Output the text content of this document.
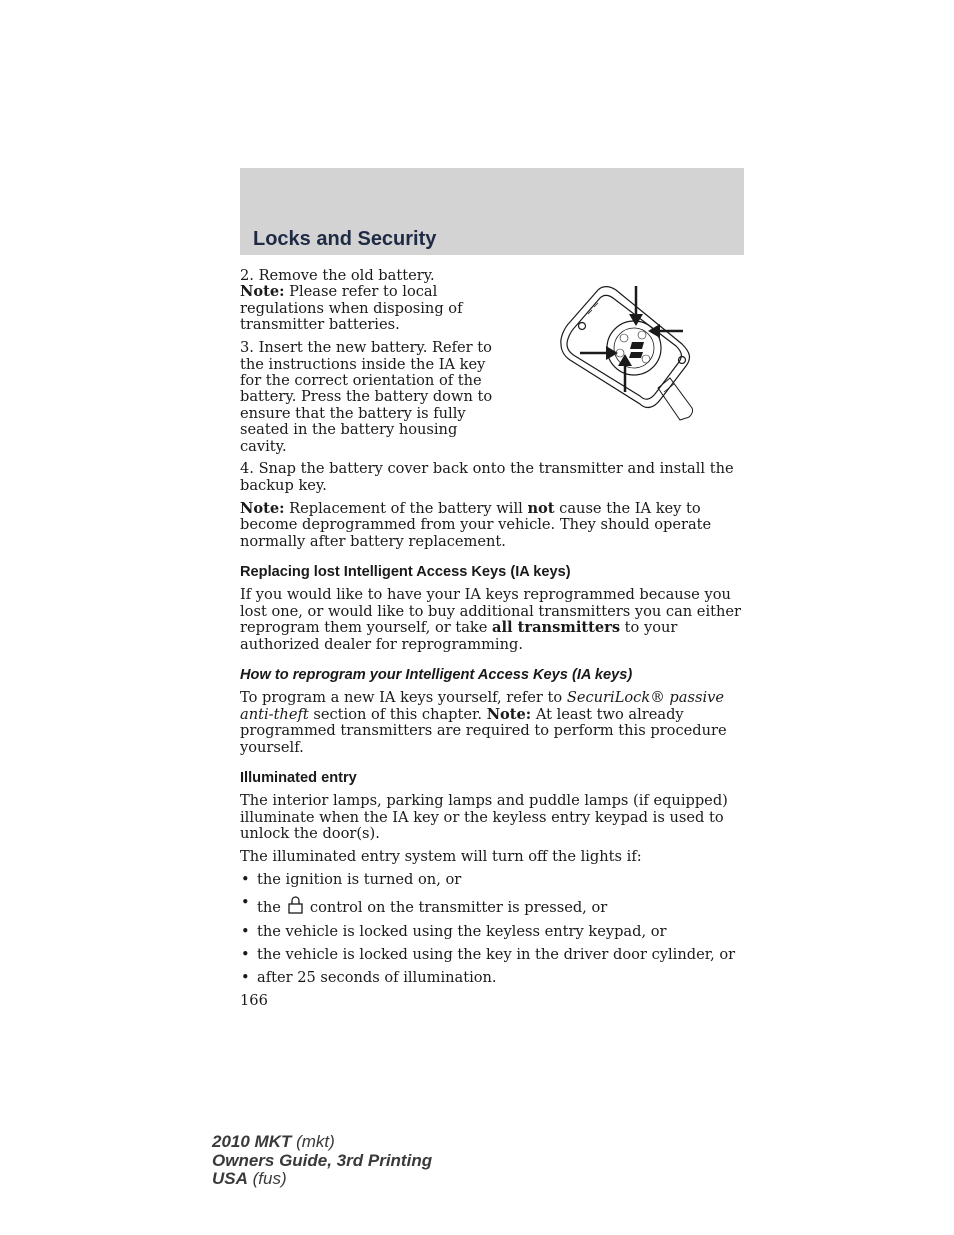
Locks and Security

2. Remove the old battery.
Note: Please refer to local regulations when disposing of transmitter batteries.

3. Insert the new battery. Refer to the instructions inside the IA key for the correct orientation of the battery. Press the battery down to ensure that the battery is fully seated in the battery housing cavity.

4. Snap the battery cover back onto the transmitter and install the backup key.

Note: Replacement of the battery will not cause the IA key to become deprogrammed from your vehicle. They should operate normally after battery replacement.

Replacing lost Intelligent Access Keys (IA keys)

If you would like to have your IA keys reprogrammed because you lost one, or would like to buy additional transmitters you can either reprogram them yourself, or take all transmitters to your authorized dealer for reprogramming.

How to reprogram your Intelligent Access Keys (IA keys)

To program a new IA keys yourself, refer to SecuriLock® passive anti-theft section of this chapter. Note: At least two already programmed transmitters are required to perform this procedure yourself.

Illuminated entry

The interior lamps, parking lamps and puddle lamps (if equipped) illuminate when the IA key or the keyless entry keypad is used to unlock the door(s).

The illuminated entry system will turn off the lights if:

• the ignition is turned on, or
• the control on the transmitter is pressed, or
• the vehicle is locked using the keyless entry keypad, or
• the vehicle is locked using the key in the driver door cylinder, or
• after 25 seconds of illumination.
166
2010 MKT (mkt)
Owners Guide, 3rd Printing
USA (fus)
